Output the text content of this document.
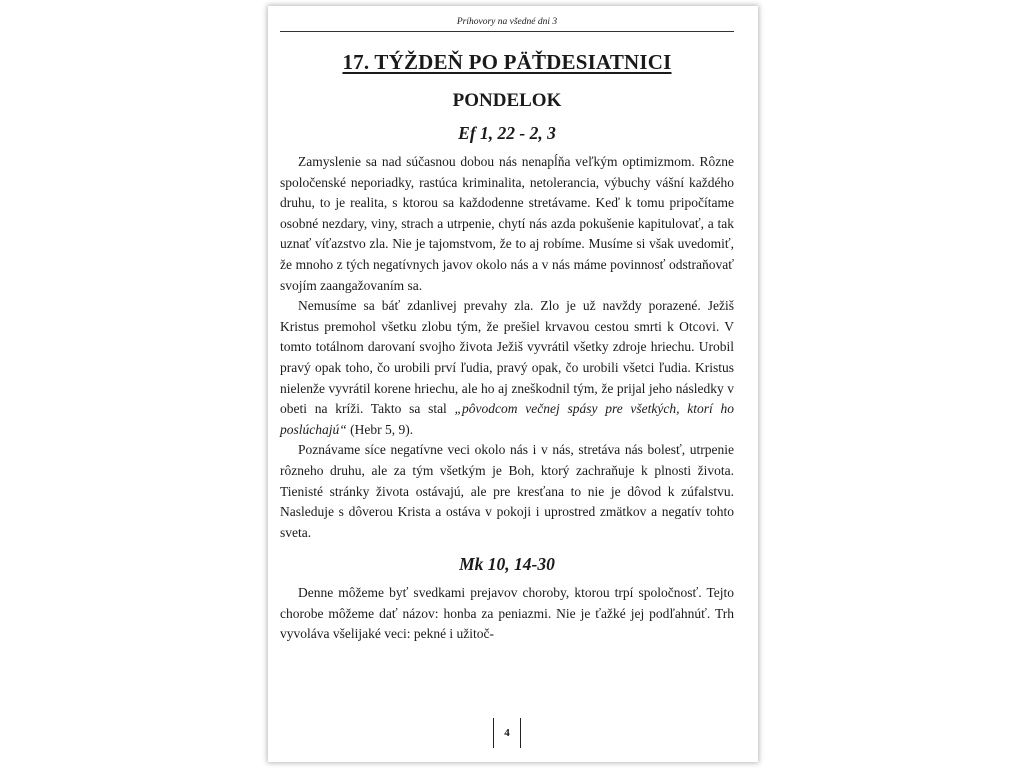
Príhovory na všedné dni 3
17. TÝŽDEŇ PO PÄŤDESIATNICI
PONDELOK
Ef 1, 22 - 2, 3

Zamyslenie sa nad súčasnou dobou nás nenapĺňa veľkým optimizmom. Rôzne spoločenské neporiadky, rastúca kriminalita, netolerancia, výbuchy vášní každého druhu, to je realita, s ktorou sa každodenne stretávame. Keď k tomu pripočítame osobné nezdary, viny, strach a utrpenie, chytí nás azda pokušenie kapitulovať, a tak uznať víťazstvo zla. Nie je tajomstvom, že to aj robíme. Musíme si však uvedomiť, že mnoho z tých negatívnych javov okolo nás a v nás máme povinnosť odstraňovať svojím zaangažovaním sa.

Nemusíme sa báť zdanlivej prevahy zla. Zlo je už navždy porazené. Ježiš Kristus premohol všetku zlobu tým, že prešiel krvavou cestou smrti k Otcovi. V tomto totálnom darovaní svojho života Ježiš vyvrátil všetky zdroje hriechu. Urobil pravý opak toho, čo urobili prví ľudia, pravý opak, čo urobili všetci ľudia. Kristus nielenže vyvrátil korene hriechu, ale ho aj zneškodnil tým, že prijal jeho následky v obeti na kríži. Takto sa stal „pôvodcom večnej spásy pre všetkých, ktorí ho poslúchajú“ (Hebr 5, 9).

Poznávame síce negatívne veci okolo nás i v nás, stretáva nás bolesť, utrpenie rôzneho druhu, ale za tým všetkým je Boh, ktorý zachraňuje k plnosti života. Tienisté stránky života ostávajú, ale pre kresťana to nie je dôvod k zúfalstvu. Nasleduje s dôverou Krista a ostáva v pokoji i uprostred zmätkov a negatív tohto sveta.

Mk 10, 14-30

Denne môžeme byť svedkami prejavov choroby, ktorou trpí spoločnosť. Tejto chorobe môžeme dať názov: honba za peniazmi. Nie je ťažké jej podľahnúť. Trh vyvoláva všelijaké veci: pekné i užitoč-

4
